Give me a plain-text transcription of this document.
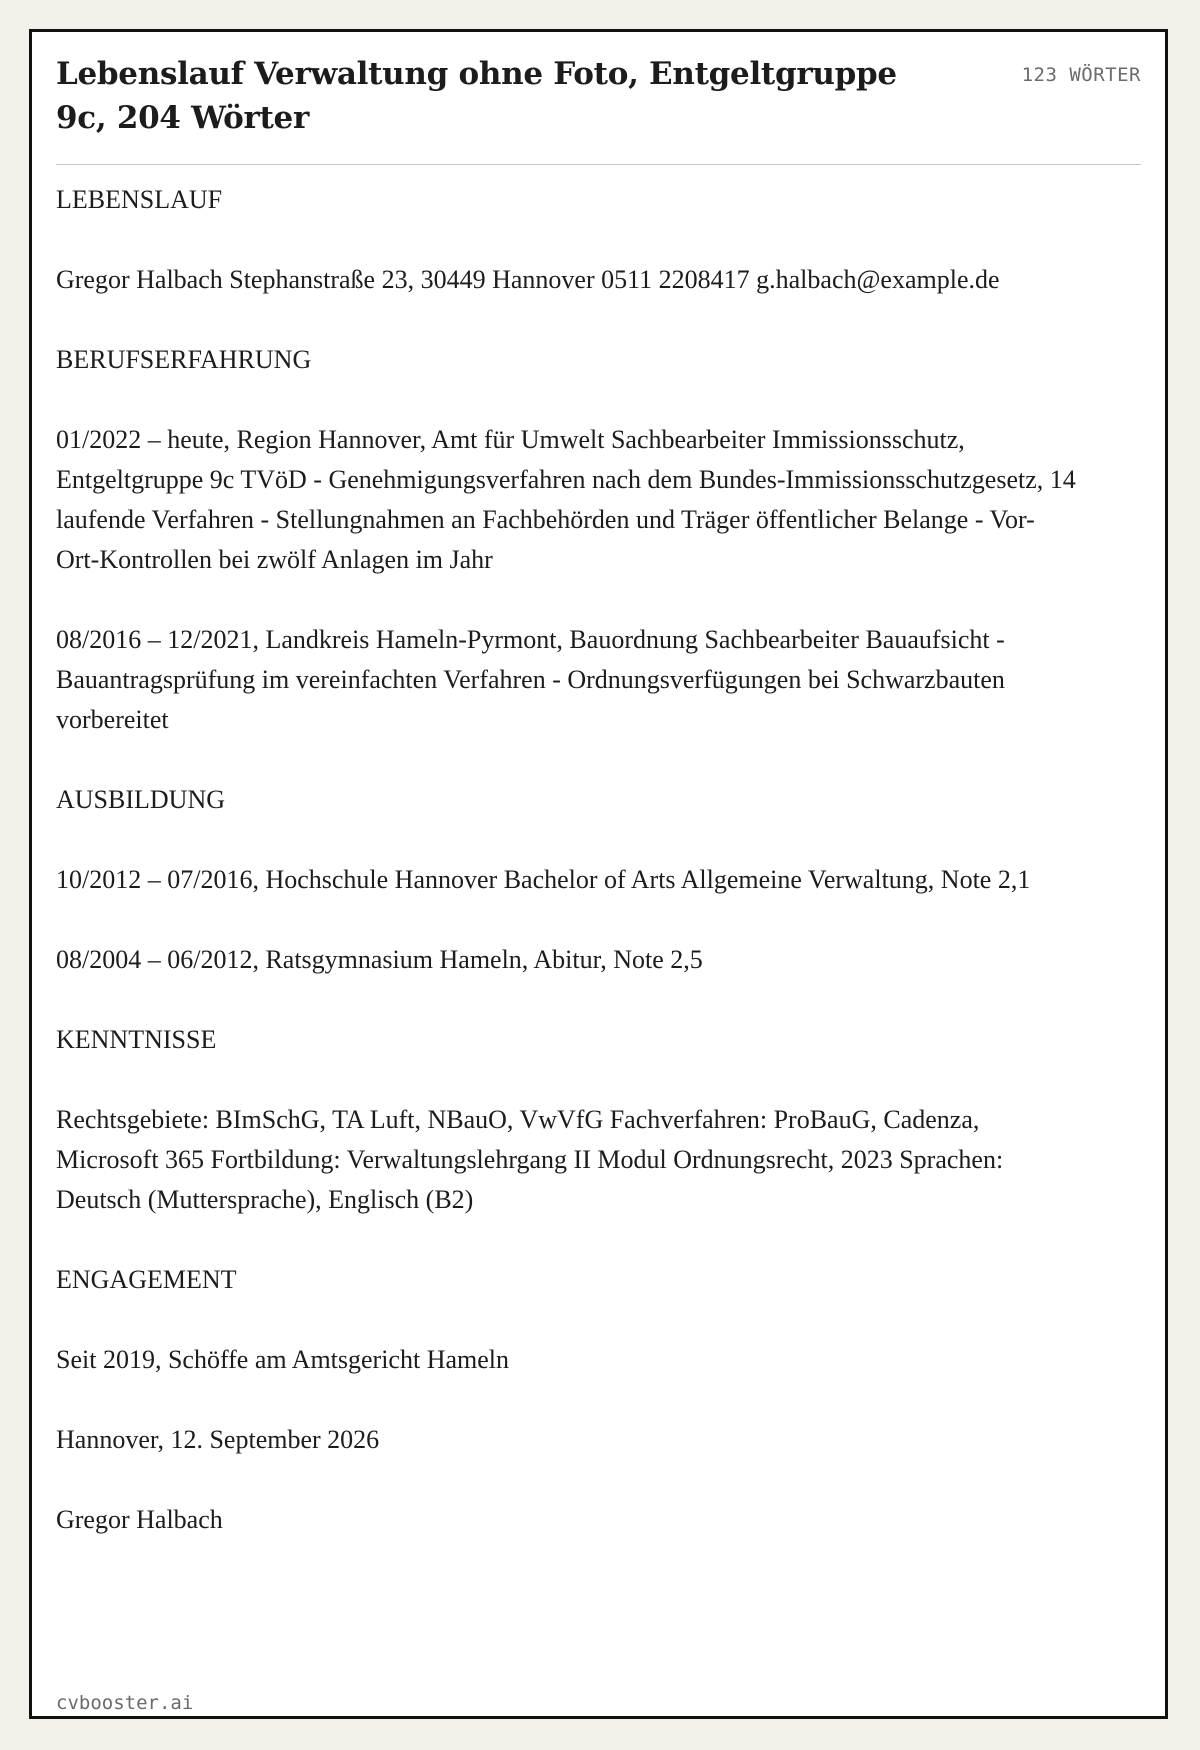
Lebenslauf Verwaltung ohne Foto, Entgeltgruppe 9c, 204 Wörter
123 WÖRTER

LEBENSLAUF

Gregor Halbach Stephanstraße 23, 30449 Hannover 0511 2208417 g.halbach@example.de

BERUFSERFAHRUNG

01/2022 – heute, Region Hannover, Amt für Umwelt Sachbearbeiter Immissionsschutz, Entgeltgruppe 9c TVöD - Genehmigungsverfahren nach dem Bundes-Immissionsschutzgesetz, 14 laufende Verfahren - Stellungnahmen an Fachbehörden und Träger öffentlicher Belange - Vor-Ort-Kontrollen bei zwölf Anlagen im Jahr

08/2016 – 12/2021, Landkreis Hameln-Pyrmont, Bauordnung Sachbearbeiter Bauaufsicht - Bauantragsprüfung im vereinfachten Verfahren - Ordnungsverfügungen bei Schwarzbauten vorbereitet

AUSBILDUNG

10/2012 – 07/2016, Hochschule Hannover Bachelor of Arts Allgemeine Verwaltung, Note 2,1

08/2004 – 06/2012, Ratsgymnasium Hameln, Abitur, Note 2,5

KENNTNISSE

Rechtsgebiete: BImSchG, TA Luft, NBauO, VwVfG Fachverfahren: ProBauG, Cadenza, Microsoft 365 Fortbildung: Verwaltungslehrgang II Modul Ordnungsrecht, 2023 Sprachen: Deutsch (Muttersprache), Englisch (B2)

ENGAGEMENT

Seit 2019, Schöffe am Amtsgericht Hameln

Hannover, 12. September 2026

Gregor Halbach

cvbooster.ai
